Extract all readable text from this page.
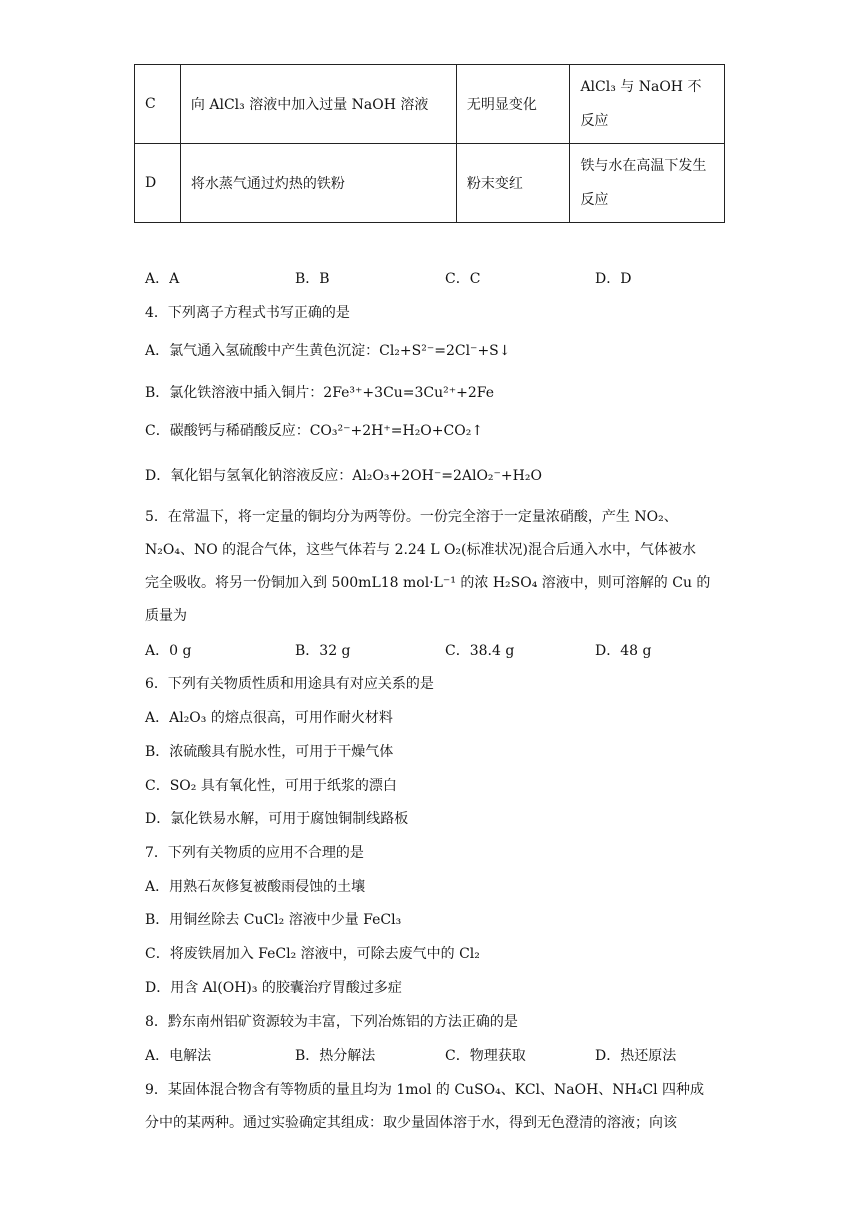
C	向 AlCl₃ 溶液中加入过量 NaOH 溶液	无明显变化	AlCl₃ 与 NaOH 不反应
D	将水蒸气通过灼热的铁粉	粉末变红	铁与水在高温下发生反应
A．A	B．B	C．C	D．D
4．下列离子方程式书写正确的是
A．氯气通入氢硫酸中产生黄色沉淀：Cl₂+S²⁻=2Cl⁻+S↓
B．氯化铁溶液中插入铜片：2Fe³⁺+3Cu=3Cu²⁺+2Fe
C．碳酸钙与稀硝酸反应：CO₃²⁻+2H⁺=H₂O+CO₂↑
D．氧化铝与氢氧化钠溶液反应：Al₂O₃+2OH⁻=2AlO₂⁻+H₂O
5．在常温下，将一定量的铜均分为两等份。一份完全溶于一定量浓硝酸，产生 NO₂、
N₂O₄、NO 的混合气体，这些气体若与 2.24 L O₂(标准状况)混合后通入水中，气体被水
完全吸收。将另一份铜加入到 500mL18 mol·L⁻¹ 的浓 H₂SO₄ 溶液中，则可溶解的 Cu 的
质量为
A．0 g	B．32 g	C．38.4 g	D．48 g
6．下列有关物质性质和用途具有对应关系的是
A．Al₂O₃ 的熔点很高，可用作耐火材料
B．浓硫酸具有脱水性，可用于干燥气体
C．SO₂ 具有氧化性，可用于纸浆的漂白
D．氯化铁易水解，可用于腐蚀铜制线路板
7．下列有关物质的应用不合理的是
A．用熟石灰修复被酸雨侵蚀的土壤
B．用铜丝除去 CuCl₂ 溶液中少量 FeCl₃
C．将废铁屑加入 FeCl₂ 溶液中，可除去废气中的 Cl₂
D．用含 Al(OH)₃ 的胶囊治疗胃酸过多症
8．黔东南州铝矿资源较为丰富，下列冶炼铝的方法正确的是
A．电解法	B．热分解法	C．物理获取	D．热还原法
9．某固体混合物含有等物质的量且均为 1mol 的 CuSO₄、KCl、NaOH、NH₄Cl 四种成
分中的某两种。通过实验确定其组成：取少量固体溶于水，得到无色澄清的溶液；向该
